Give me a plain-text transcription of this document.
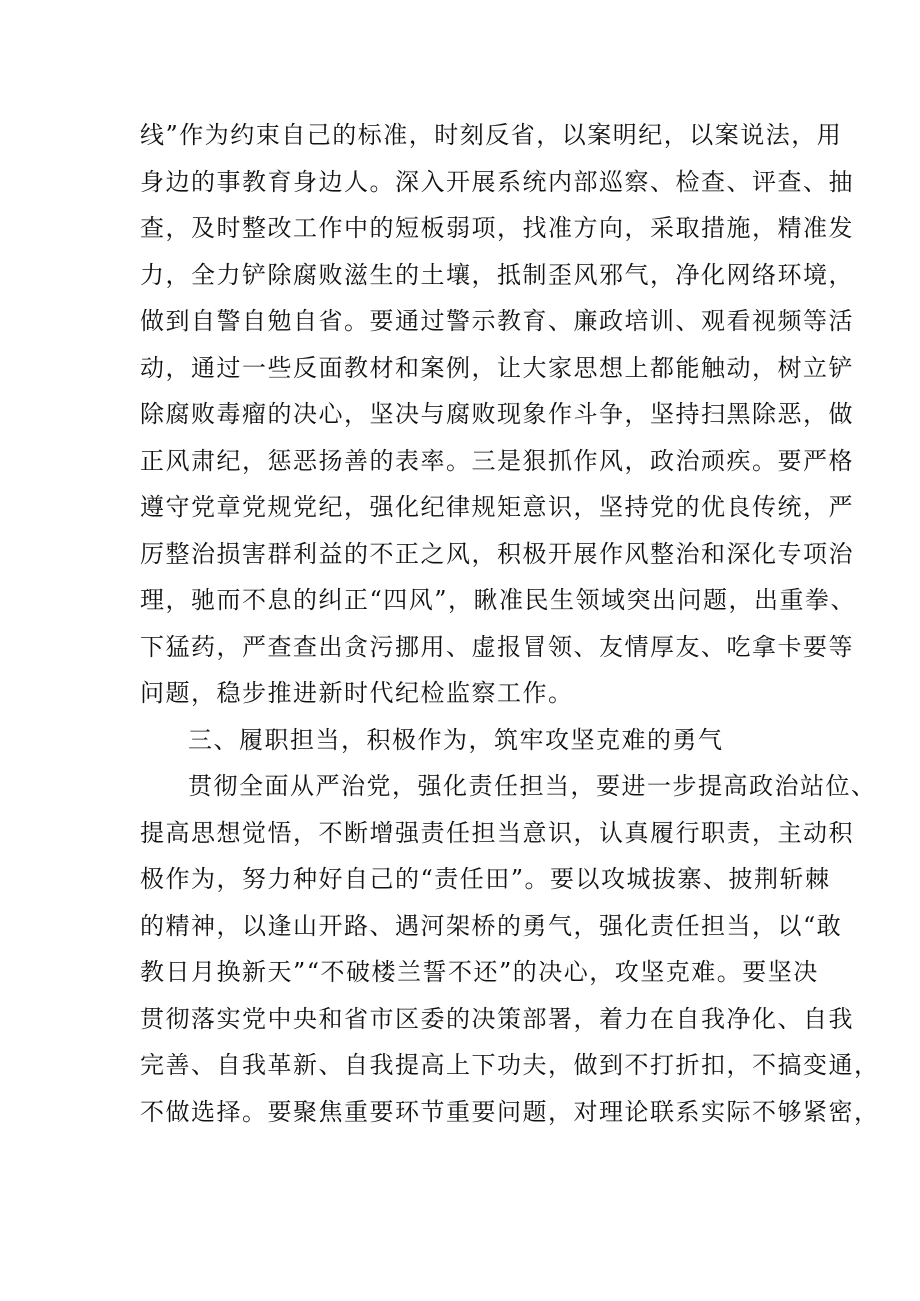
线”作为约束自己的标准，时刻反省，以案明纪，以案说法，用
身边的事教育身边人。深入开展系统内部巡察、检查、评查、抽
查，及时整改工作中的短板弱项，找准方向，采取措施，精准发
力，全力铲除腐败滋生的土壤，抵制歪风邪气，净化网络环境，
做到自警自勉自省。要通过警示教育、廉政培训、观看视频等活
动，通过一些反面教材和案例，让大家思想上都能触动，树立铲
除腐败毒瘤的决心，坚决与腐败现象作斗争，坚持扫黑除恶，做
正风肃纪，惩恶扬善的表率。三是狠抓作风，政治顽疾。要严格
遵守党章党规党纪，强化纪律规矩意识，坚持党的优良传统，严
厉整治损害群利益的不正之风，积极开展作风整治和深化专项治
理，驰而不息的纠正“四风”，瞅准民生领域突出问题，出重拳、
下猛药，严查查出贪污挪用、虚报冒领、友情厚友、吃拿卡要等
问题，稳步推进新时代纪检监察工作。
三、履职担当，积极作为，筑牢攻坚克难的勇气
贯彻全面从严治党，强化责任担当，要进一步提高政治站位、
提高思想觉悟，不断增强责任担当意识，认真履行职责，主动积
极作为，努力种好自己的“责任田”。要以攻城拔寨、披荆斩棘
的精神，以逢山开路、遇河架桥的勇气，强化责任担当，以“敢
教日月换新天”“不破楼兰誓不还”的决心，攻坚克难。要坚决
贯彻落实党中央和省市区委的决策部署，着力在自我净化、自我
完善、自我革新、自我提高上下功夫，做到不打折扣，不搞变通，
不做选择。要聚焦重要环节重要问题，对理论联系实际不够紧密，
